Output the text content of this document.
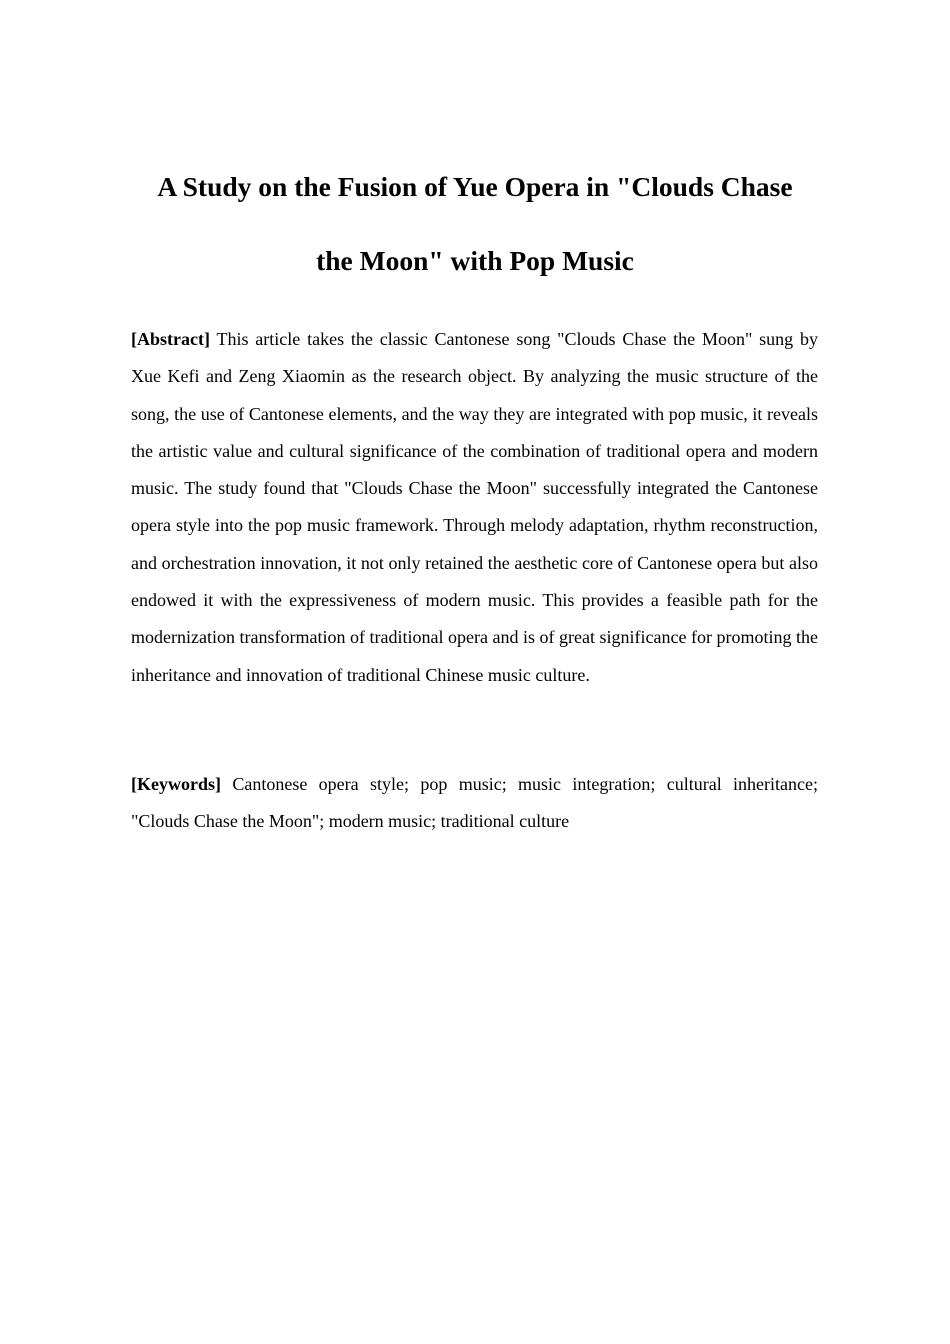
A Study on the Fusion of Yue Opera in "Clouds Chase
the Moon" with Pop Music

[Abstract] This article takes the classic Cantonese song "Clouds Chase the Moon" sung by Xue Kefi and Zeng Xiaomin as the research object. By analyzing the music structure of the song, the use of Cantonese elements, and the way they are integrated with pop music, it reveals the artistic value and cultural significance of the combination of traditional opera and modern music. The study found that "Clouds Chase the Moon" successfully integrated the Cantonese opera style into the pop music framework. Through melody adaptation, rhythm reconstruction, and orchestration innovation, it not only retained the aesthetic core of Cantonese opera but also endowed it with the expressiveness of modern music. This provides a feasible path for the modernization transformation of traditional opera and is of great significance for promoting the inheritance and innovation of traditional Chinese music culture.

[Keywords] Cantonese opera style; pop music; music integration; cultural inheritance; "Clouds Chase the Moon"; modern music; traditional culture
